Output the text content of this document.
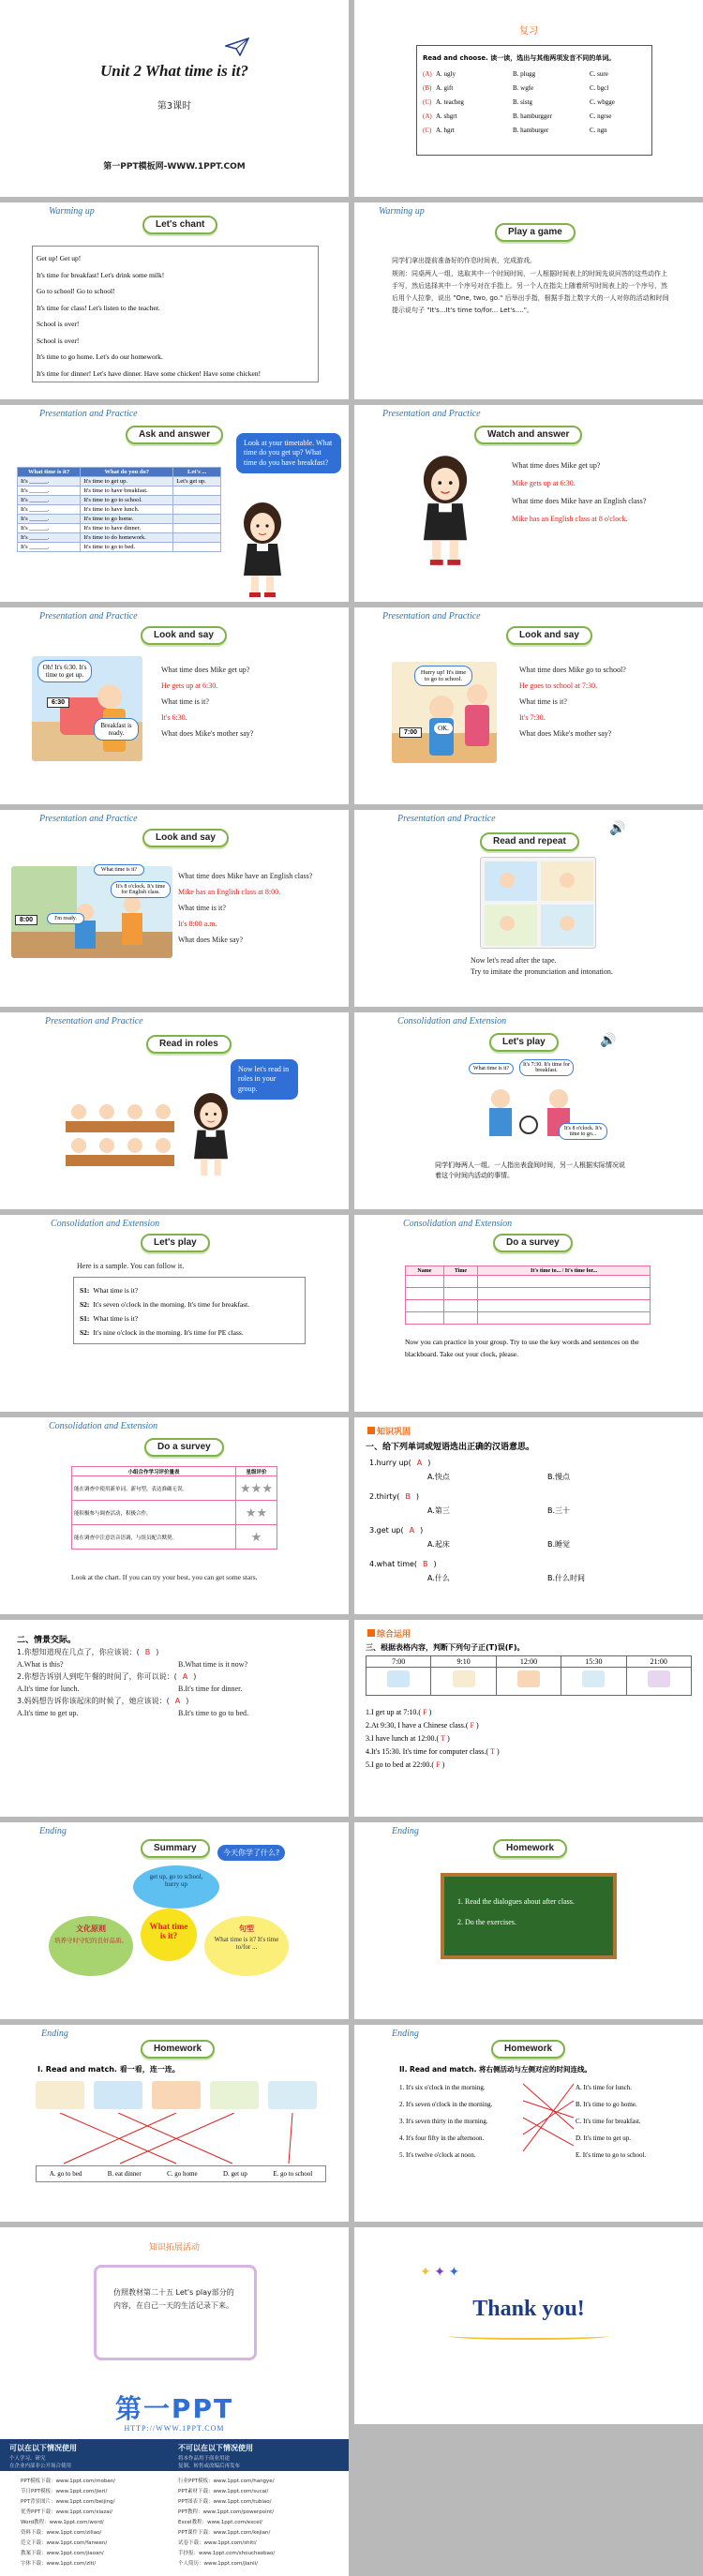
Unit 2 What time is it?
第3课时
第一PPT模板网-WWW.1PPT.COM
复习
Read and choose. 读一读，选出与其他两项发音不同的单词。
(A) A. ugly	B. plugg	C. sure
(B) A. gift	B. wgfe	C. bgcl
(C) A. teacheg	B. sistg	C. wbgge
(A) A. shgrt	B. hamburgger	C. ngrse
(C) A. hgrt	B. hamburger	C. ngn
Warming up
Let's chant
Get up! Get up!
It's time for breakfast! Let's drink some milk!
Go to school! Go to school!
It's time for class! Let's listen to the teacher.
School is over!
School is over!
It's time to go home. Let's do our homework.
It's time for dinner! Let's have dinner. Have some chicken! Have some chicken!
Warming up
Play a game
同学们拿出提前准备好的作息时间表，完成游戏。
规则：同桌两人一组，选取其中一个时间时间，一人根据时间表上的时间先说问答的这些动作上手写，然后选择其中一个序号对在手指上。另一个人在指尖上随着所写时间表上的一个序号，然后用个人拉拳，说出 "One, two, go." 后举出手指，根据手指上数字大的一人对你的活动和时间提示说句子 "It's...It's time to/for... Let's...."。
Presentation and Practice
Ask and answer
What time is it?	What do you do?	Let's ...
It's ______.	It's time to get up.	Let's get up.
It's ______.	It's time to have breakfast.	
It's ______.	It's time to go to school.	
It's ______.	It's time to have lunch.	
It's ______.	It's time to go home.	
It's ______.	It's time to have dinner.	
It's ______.	It's time to do homework.	
It's ______.	It's time to go to bed.	
Look at your timetable. What time do you get up? What time do you have breakfast?
Presentation and Practice
Watch and answer
What time does Mike get up?
Mike gets up at 6:30.
What time does Mike have an English class?
Mike has an English class at 8 o'clock.
Presentation and Practice
Look and say
Oh! It's 6:30. It's time to get up.
Breakfast is ready.
6:30
What time does Mike get up?
He gets up at 6:30.
What time is it?
It's 6:30.
What does Mike's mother say?
Presentation and Practice
Look and say
Hurry up! It's time to go to school.
OK.
7:00
What time does Mike go to school?
He goes to school at 7:30.
What time is it?
It's 7:30.
What does Mike's mother say?
Presentation and Practice
Look and say
What time is it?
It's 8 o'clock. It's time for English class.
I'm ready.
8:00
What time does Mike have an English class?
Mike has an English class at 8:00.
What time is it?
It's 8:00 a.m.
What does Mike say?
Presentation and Practice
Read and repeat
🔊
Now let's read after the tape.
Try to imitate the pronunciation and intonation.
Presentation and Practice
Read in roles
Now let's read in roles in your group.
Consolidation and Extension
Let's play	🔊
What time is it?
It's 7:30. It's time for breakfast.
It's 8 o'clock. It's time to go...
同学们每两人一组。一人指出表盘间时间，另一人根据实际情况说着这个时间内活动的事情。
Consolidation and Extension
Let's play
Here is a sample. You can follow it.
S1: What time is it?
S2: It's seven o'clock in the morning. It's time for breakfast.
S1: What time is it?
S2: It's nine o'clock in the morning. It's time for PE class.
Consolidation and Extension
Do a survey
Name	Time	It's time to... / It's time for...

Now you can practice in your group. Try to use the key words and sentences on the blackboard. Take out your clock, please.
Consolidation and Extension
Do a survey
小组合作学习评价量表	星级评价
能在调查中使用新单词、新句型，表达准确无误。	★★★
能积极参与调查活动，积极合作。	★★
能在调查中注意语音语调，与组员配合默契。	★
Look at the chart. If you can try your best, you can get some stars.
知识巩固
一、给下列单词或短语选出正确的汉语意思。
1.hurry up( A )
A.快点	B.慢点
2.thirty( B )
A.第三	B.三十
3.get up( A )
A.起床	B.睡觉
4.what time( B )
A.什么	B.什么时间
二、情景交际。
1.你想知道现在几点了，你应该说：( B )
A.What is this?	B.What time is it now?
2.你想告诉别人到吃午餐的时间了，你可以说：( A )
A.It's time for lunch.	B.It's time for dinner.
3.妈妈想告诉你该起床的时候了，她应该说：( A )
A.It's time to get up.	B.It's time to go to bed.
综合运用
三、根据表格内容，判断下列句子正(T)误(F)。
7:00	9:10	12:00	15:30	21:00

1.I get up at 7:10.( F )
2.At 9:30, I have a Chinese class.( F )
3.I have lunch at 12:00.( T )
4.It's 15:30. It's time for computer class.( T )
5.I go to bed at 22:00.( F )
Ending
Summary	今天你学了什么?
get up, go to school, hurry up
What time is it?
文化原则
培养守时守纪的良好品质。
句型
What time is it? It's time to/for ...
Ending
Homework
1. Read the dialogues about after class.
2. Do the exercises.
Ending
Homework
I. Read and match. 看一看，连一连。
A. go to bed	B. eat dinner	C. go home	D. get up	E. go to school
Ending
Homework
II. Read and match. 将右侧活动与左侧对应的时间连线。
1. It's six o'clock in the morning.
2. It's seven o'clock in the morning.
3. It's seven thirty in the morning.
4. It's four fifty in the afternoon.
5. It's twelve o'clock at noon.
A. It's time for lunch.
B. It's time to go home.
C. It's time for breakfast.
D. It's time to get up.
E. It's time to go to school.
知识拓展活动
仿照教材第二十五 Let's play部分的内容，在自己一天的生活记录下来。
✦ ✦ ✦
Thank you!
第一PPT
HTTP://WWW.1PPT.COM
可以在以下情况使用
个人学习、研究
在企业内部非公开场合使用
不可以在以下情况使用
将本作品用于商业用途
复制、转售或改编后再发布
PPT模板下载：www.1ppt.com/moban/
节日PPT模板：www.1ppt.com/jieri/
PPT背景图片：www.1ppt.com/beijing/
优秀PPT下载：www.1ppt.com/xiazai/
Word教程：www.1ppt.com/word/
资料下载：www.1ppt.com/ziliao/
范文下载：www.1ppt.com/fanwen/
教案下载：www.1ppt.com/jiaoan/
字体下载：www.1ppt.com/ziti/
行业PPT模板：www.1ppt.com/hangye/
PPT素材下载：www.1ppt.com/sucai/
PPT图表下载：www.1ppt.com/tubiao/
PPT教程：www.1ppt.com/powerpoint/
Excel教程：www.1ppt.com/excel/
PPT课件下载：www.1ppt.com/kejian/
试卷下载：www.1ppt.com/shiti/
手抄报：www.1ppt.com/shouchaobao/
个人简历：www.1ppt.com/jianli/
